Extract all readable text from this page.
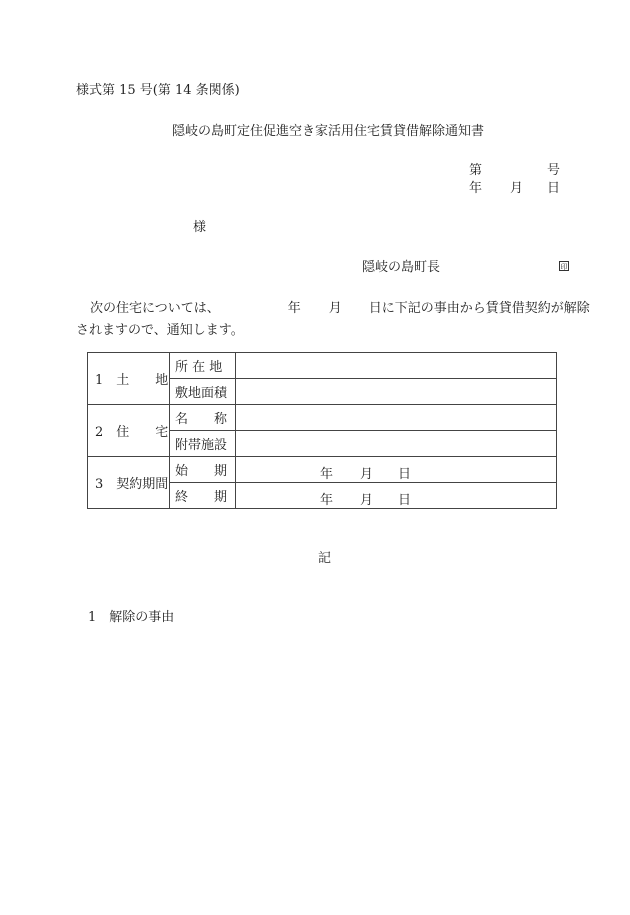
様式第 15 号(第 14 条関係)
隠岐の島町定住促進空き家活用住宅賃貸借解除通知書
第	号
年 月 日
様
隠岐の島町長	印
次の住宅については、	年 月 日に下記の事由から賃貸借契約が解除
されますので、通知します。
1　土　　地	所 在 地	
	敷地面積	
2　住　　宅	名　　称	
	附帯施設	
3　契約期間	始　　期	年 月 日

	終　　期	年 月 日
記
1　解除の事由
